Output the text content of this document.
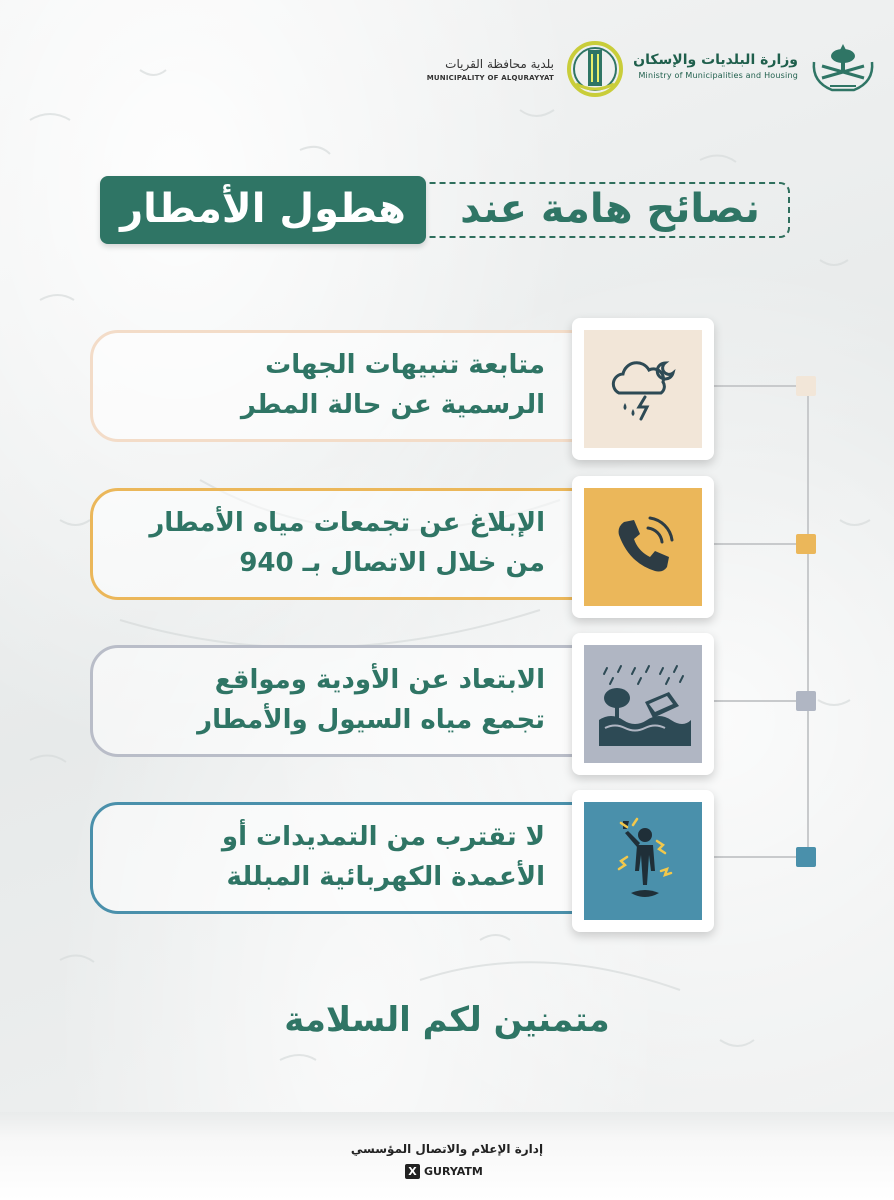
وزارة البلديات والإسكان
Ministry of Municipalities and Housing
بلدية محافظة القريات
MUNICIPALITY OF ALQURAYYAT
هطول الأمطار	نصائح هامة عند
متابعة تنبيهات الجهات
الرسمية عن حالة المطر
الإبلاغ عن تجمعات مياه الأمطار
من خلال الاتصال بـ 940
الابتعاد عن الأودية ومواقع
تجمع مياه السيول والأمطار
لا تقترب من التمديدات أو
الأعمدة الكهربائية المبللة
متمنين لكم السلامة
إدارة الإعلام والاتصال المؤسسي
X GURYATM
